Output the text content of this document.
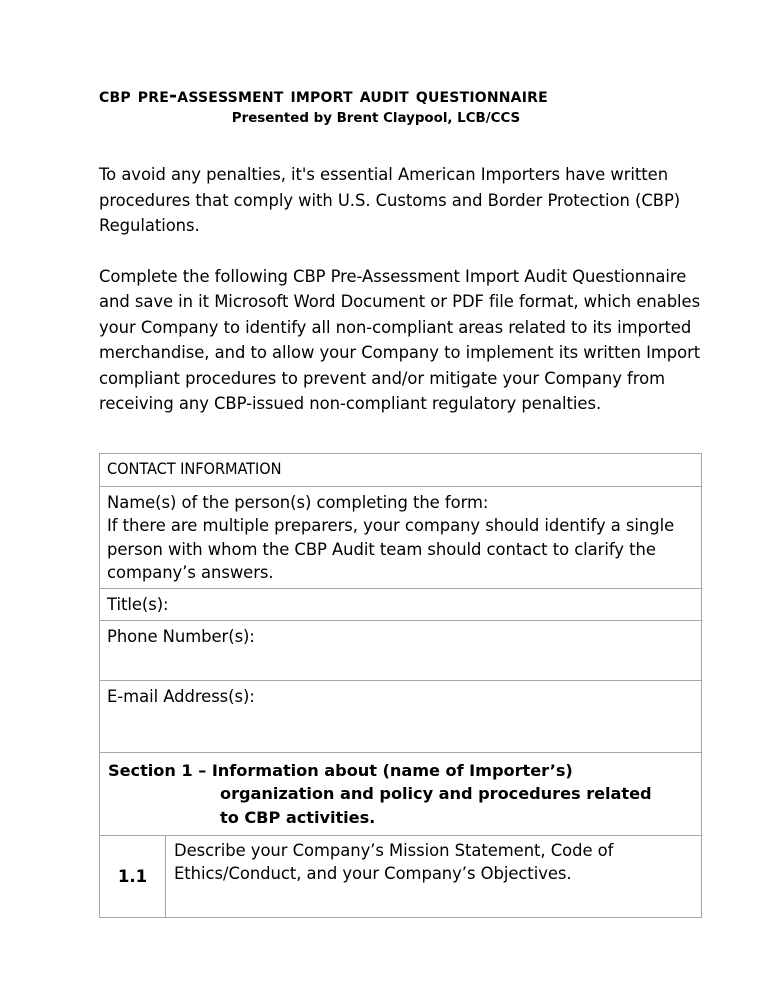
cbp pre-assessment import audit questionnaire
Presented by Brent Claypool, LCB/CCS

To avoid any penalties, it's essential American Importers have written procedures that comply with U.S. Customs and Border Protection (CBP) Regulations.

Complete the following CBP Pre-Assessment Import Audit Questionnaire and save in it Microsoft Word Document or PDF file format, which enables your Company to identify all non-compliant areas related to its imported merchandise, and to allow your Company to implement its written Import compliant procedures to prevent and/or mitigate your Company from receiving any CBP-issued non-compliant regulatory penalties.

CONTACT INFORMATION

Name(s) of the person(s) completing the form:
If there are multiple preparers, your company should identify a single person with whom the CBP Audit team should contact to clarify the company’s answers.

Title(s):
Phone Number(s):
E-mail Address(s):

Section 1 – Information about (name of Importer’s) organization and policy and procedures related to CBP activities.

1.1	Describe your Company’s Mission Statement, Code of Ethics/Conduct, and your Company’s Objectives.
